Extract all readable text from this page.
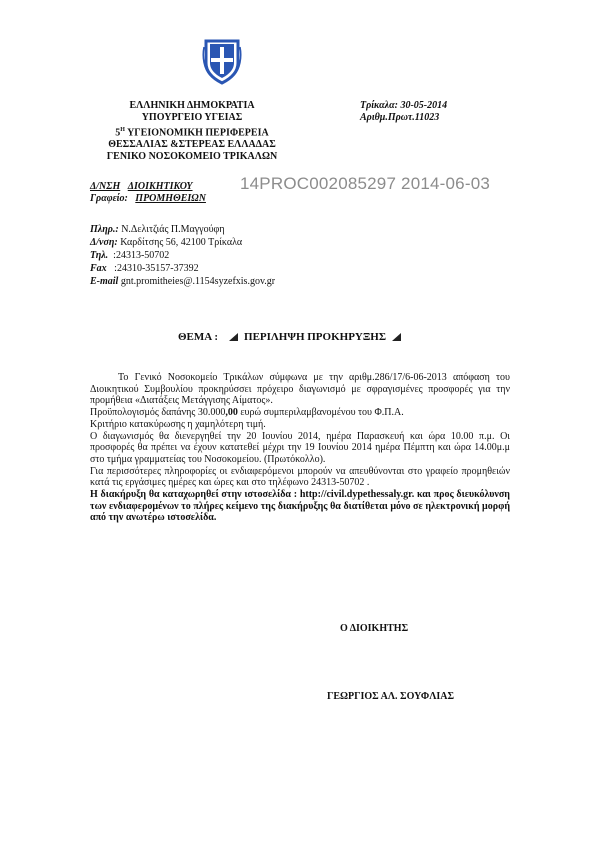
ΕΛΛΗΝΙΚΗ ΔΗΜΟΚΡΑΤΙΑ
ΥΠΟΥΡΓΕΙΟ ΥΓΕΙΑΣ
$5^H$ ΥΓΕΙΟΝΟΜΙΚΗ ΠΕΡΙΦΕΡΕΙΑ
ΘΕΣΣΑΛΙΑΣ &ΣΤΕΡΕΑΣ ΕΛΛΑΔΑΣ
ΓΕΝΙΚΟ ΝΟΣΟΚΟΜΕΙΟ ΤΡΙΚΑΛΩΝ
Τρίκαλα: 30-05-2014
Αριθμ.Πρωτ.11023
Δ/ΝΣΗ ΔΙΟΙΚΗΤΙΚΟΥ
Γραφείο: ΠΡΟΜΗΘΕΙΩΝ
14PROC002085297 2014-06-03
Πληρ.: Ν.Δελιτζιάς Π.Μαγγούφη
Δ/νση: Καρδίτσης 56, 42100 Τρίκαλα
Τηλ. :24313-50702
Fax :24310-35157-37392
E-mail gnt.promitheies@.1154syzefxis.gov.gr
ΘΕΜΑ : ΠΕΡΙΛΗΨΗ ΠΡΟΚΗΡΥΞΗΣ

Το Γενικό Νοσοκομείο Τρικάλων σύμφωνα με την αριθμ.286/17/6-06-2013 απόφαση του Διοικητικού Συμβουλίου προκηρύσσει πρόχειρο διαγωνισμό με σφραγισμένες προσφορές για την προμήθεια «Διατάξεις Μετάγγισης Αίματος».

Προϋπολογισμός δαπάνης 30.000,00 ευρώ συμπεριλαμβανομένου του Φ.Π.Α.

Κριτήριο κατακύρωσης η χαμηλότερη τιμή.

Ο διαγωνισμός θα διενεργηθεί την 20 Ιουνίου 2014, ημέρα Παρασκευή και ώρα 10.00 π.μ. Οι προσφορές θα πρέπει να έχουν κατατεθεί μέχρι την 19 Ιουνίου 2014 ημέρα Πέμπτη και ώρα 14.00μ.μ στο τμήμα γραμματείας του Νοσοκομείου. (Πρωτόκολλο).

Για περισσότερες πληροφορίες οι ενδιαφερόμενοι μπορούν να απευθύνονται στο γραφείο προμηθειών κατά τις εργάσιμες ημέρες και ώρες και στο τηλέφωνο 24313-50702 .

Η διακήρυξη θα καταχωρηθεί στην ιστοσελίδα : http://civil.dypethessaly.gr. και προς διευκόλυνση των ενδιαφερομένων το πλήρες κείμενο της διακήρυξης θα διατίθεται μόνο σε ηλεκτρονική μορφή από την ανωτέρω ιστοσελίδα.

Ο ΔΙΟΙΚΗΤΗΣ
ΓΕΩΡΓΙΟΣ ΑΛ. ΣΟΥΦΛΙΑΣ
